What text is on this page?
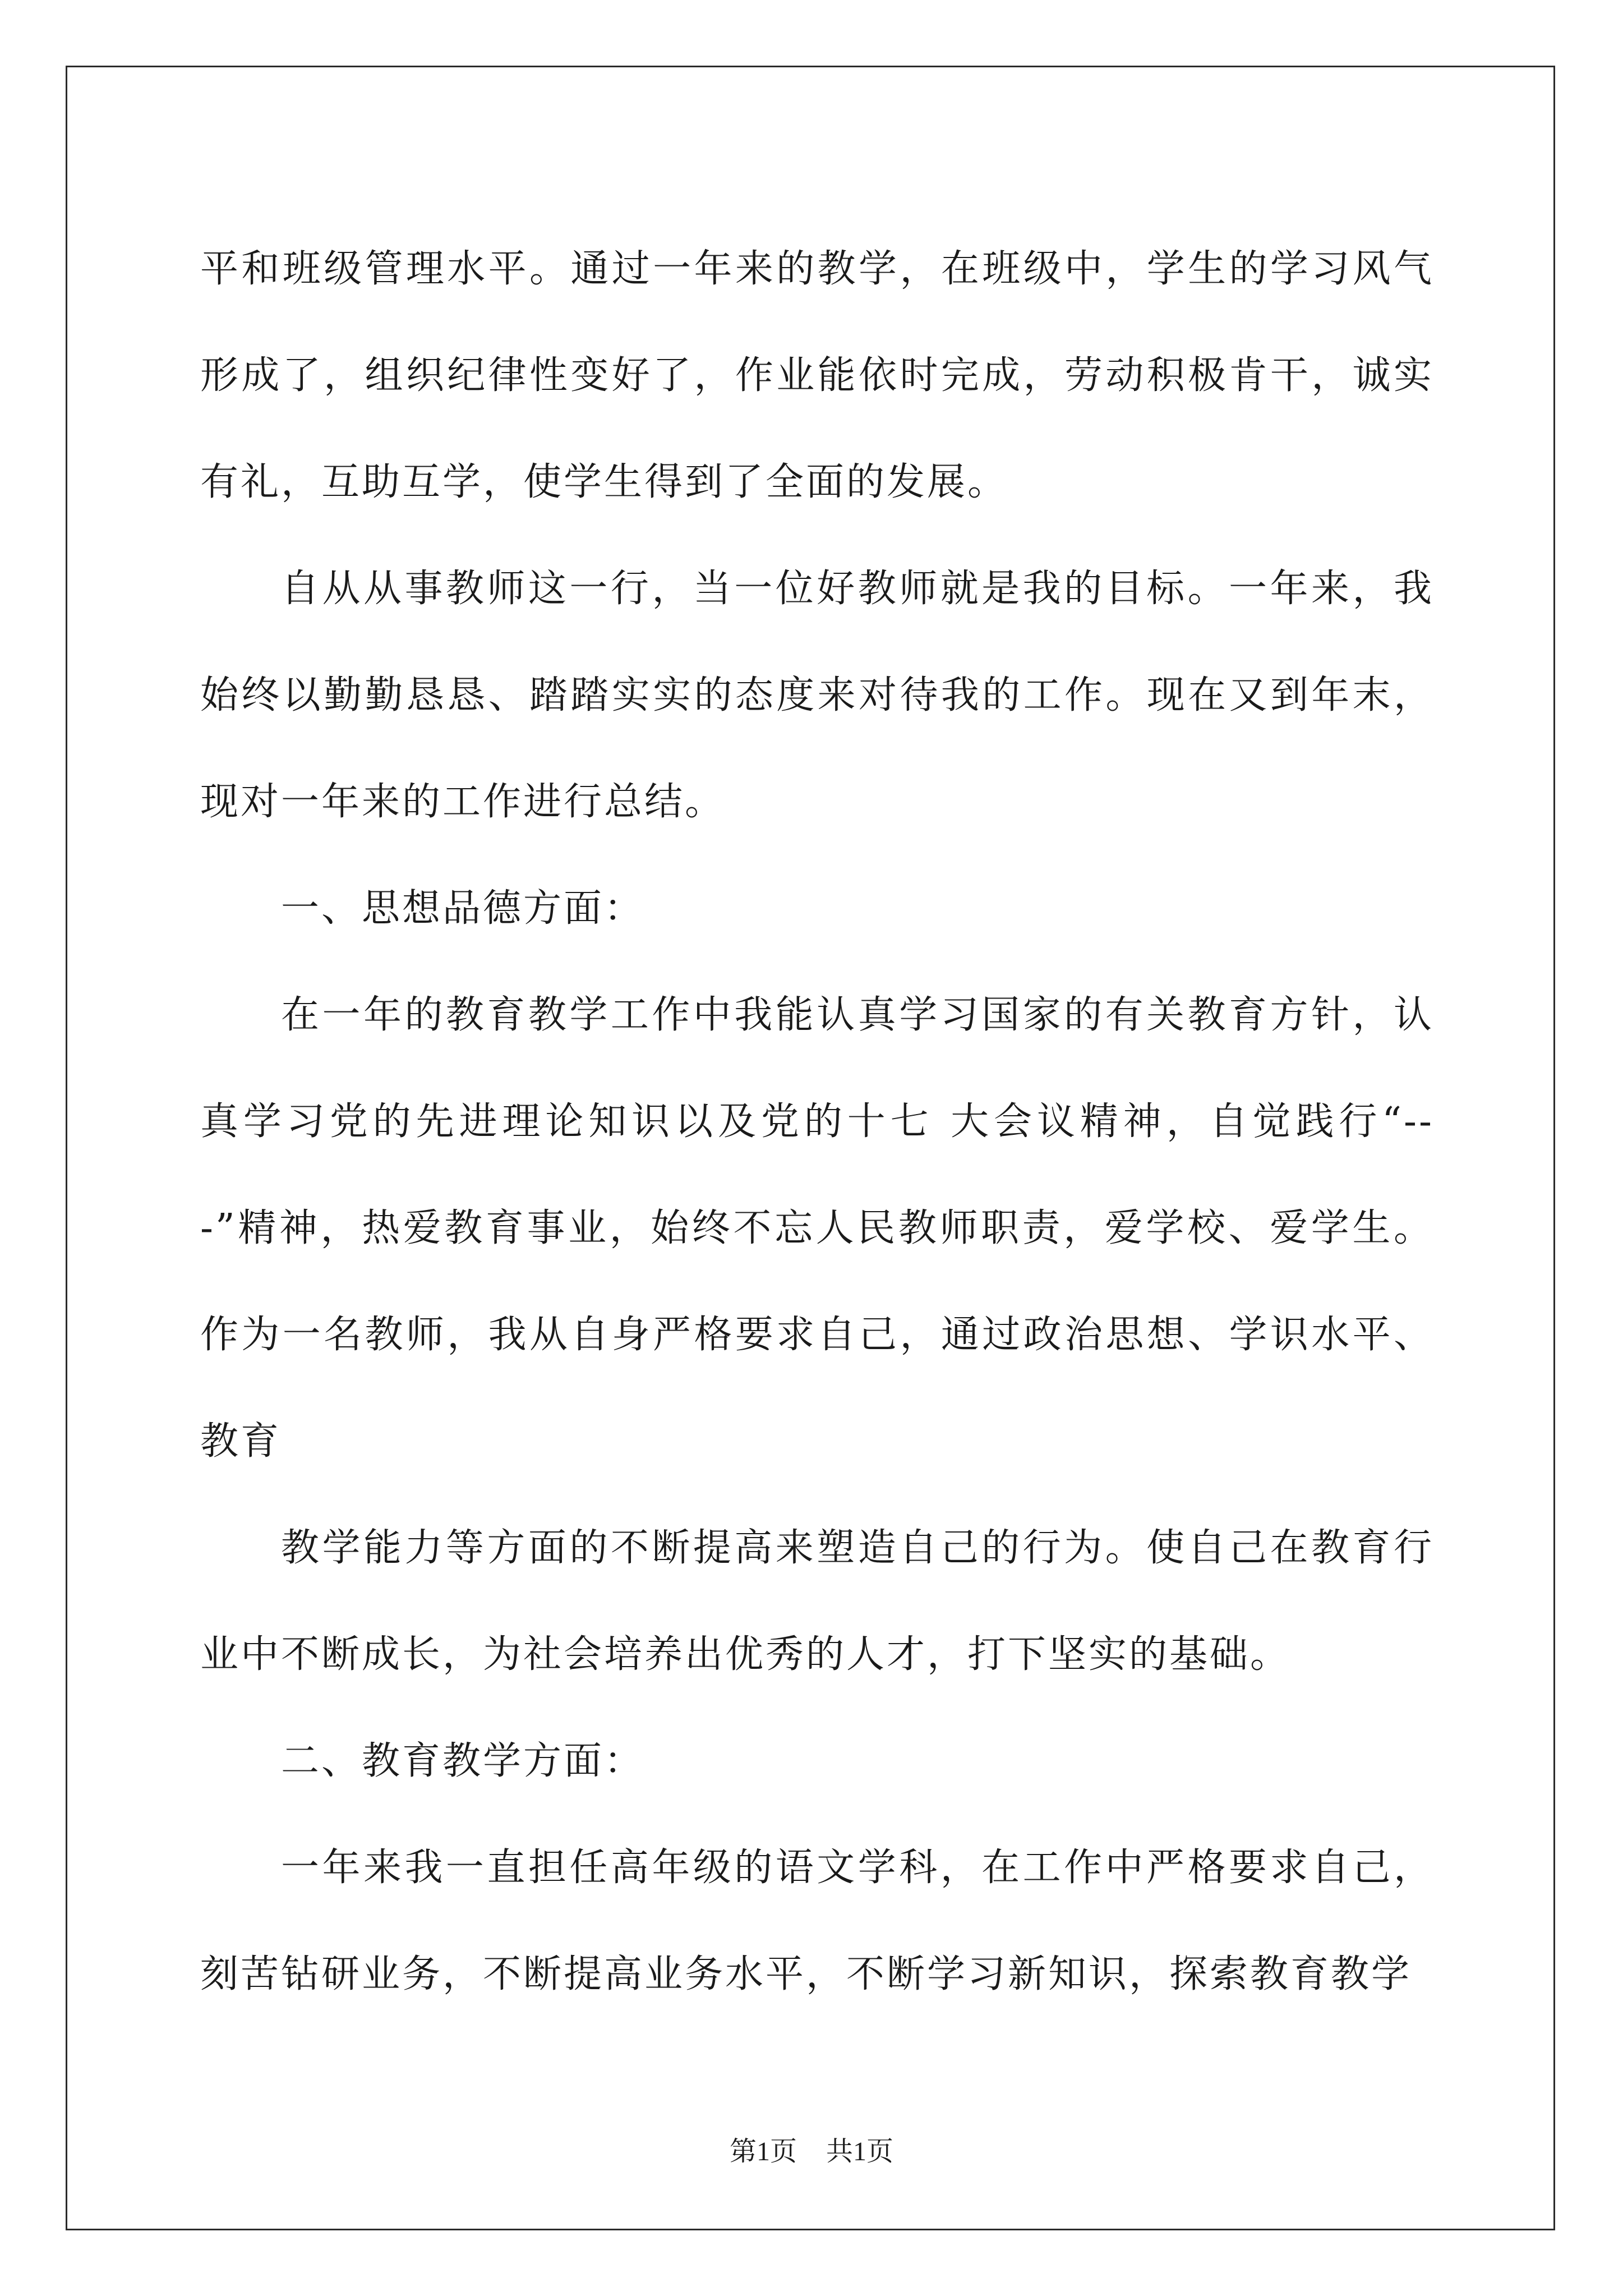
平和班级管理水平。通过一年来的教学，在班级中，学生的学习风气形成了，组织纪律性变好了，作业能依时完成，劳动积极肯干，诚实有礼，互助互学，使学生得到了全面的发展。

自从从事教师这一行，当一位好教师就是我的目标。一年来，我始终以勤勤恳恳、踏踏实实的态度来对待我的工作。现在又到年末，现对一年来的工作进行总结。

一、思想品德方面：

在一年的教育教学工作中我能认真学习国家的有关教育方针，认真学习党的先进理论知识以及党的十七 大会议精神，自觉践行“---”精神，热爱教育事业，始终不忘人民教师职责，爱学校、爱学生。作为一名教师，我从自身严格要求自己，通过政治思想、学识水平、教育

教学能力等方面的不断提高来塑造自己的行为。使自己在教育行业中不断成长，为社会培养出优秀的人才，打下坚实的基础。

二、教育教学方面：

一年来我一直担任高年级的语文学科，在工作中严格要求自己，刻苦钻研业务，不断提高业务水平，不断学习新知识，探索教育教学

第1页 共1页
